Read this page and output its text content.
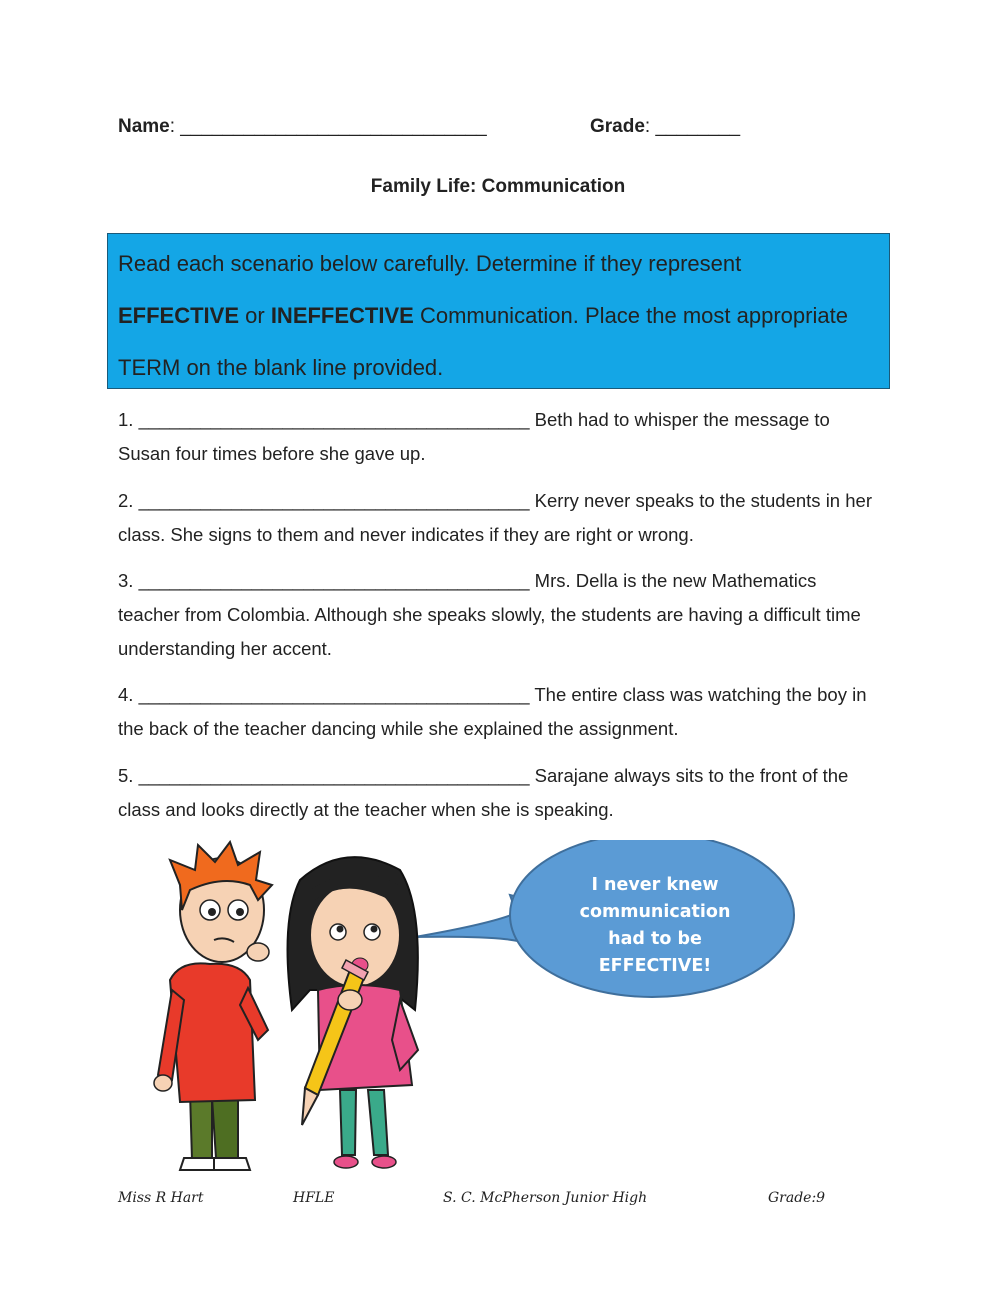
Name: _____________________________	Grade: ________
Family Life: Communication
Read each scenario below carefully. Determine if they represent
EFFECTIVE or INEFFECTIVE Communication. Place the most appropriate
TERM on the blank line provided.
1. ______________________________________ Beth had to whisper the message to Susan four times before she gave up.
2. ______________________________________ Kerry never speaks to the students in her class. She signs to them and never indicates if they are right or wrong.
3. ______________________________________ Mrs. Della is the new Mathematics teacher from Colombia. Although she speaks slowly, the students are having a difficult time understanding her accent.
4. ______________________________________ The entire class was watching the boy in the back of the teacher dancing while she explained the assignment.
5. ______________________________________ Sarajane always sits to the front of the class and looks directly at the teacher when she is speaking.
I never knew
communication
had to be
EFFECTIVE!
Miss R Hart	HFLE	S. C. McPherson Junior High	Grade:9
